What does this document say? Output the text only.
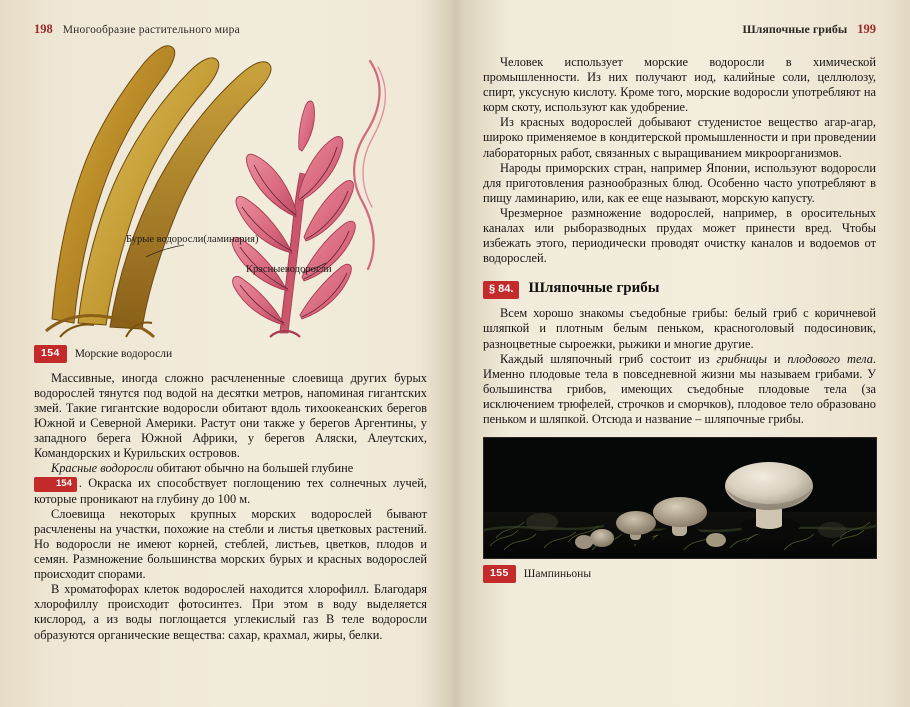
198 Многообразие растительного мира
Бурые водоросли(ламинария)
Красныеводоросли
154	Морские водоросли

Массивные, иногда сложно расчлененные слоевища других бурых водорослей тянутся под водой на десятки метров, напоминая гигантских змей. Такие гигантские водоросли обитают вдоль тихоокеанских берегов Южной и Северной Америки. Растут они также у берегов Аргентины, у западного берега Южной Африки, у берегов Аляски, Алеутских, Командорских и Курильских островов.

Красные водоросли обитают обычно на большей глубине
154 . Окраска их способствует поглощению тех солнечных лучей, которые проникают на глубину до 100 м.

Слоевища некоторых крупных морских водорослей бывают расчленены на участки, похожие на стебли и листья цветковых растений. Но водоросли не имеют корней, стеблей, листьев, цветков, плодов и семян. Размножение большинства морских бурых и красных водорослей происходит спорами.

В хроматофорах клеток водорослей находится хлорофилл. Благодаря хлорофиллу происходит фотосинтез. При этом в воду выделяется кислород, а из воды поглощается углекислый газ В теле водоросли образуются органические вещества: сахар, крахмал, жиры, белки.

Шляпочные грибы 199

Человек использует морские водоросли в химической промышленности. Из них получают иод, калийные соли, целлюлозу, спирт, уксусную кислоту. Кроме того, морские водоросли употребляют на корм скоту, используют как удобрение.

Из красных водорослей добывают студенистое вещество агар-агар, широко применяемое в кондитерской промышленности и при проведении лабораторных работ, связанных с выращиванием микроорганизмов.

Народы приморских стран, например Японии, используют водоросли для приготовления разнообразных блюд. Особенно часто употребляют в пищу ламинарию, или, как ее еще называют, морскую капусту.

Чрезмерное размножение водорослей, например, в оросительных каналах или рыборазводных прудах может принести вред. Чтобы избежать этого, периодически проводят очистку каналов и водоемов от водорослей.

§ 84.	Шляпочные грибы

Всем хорошо знакомы съедобные грибы: белый гриб с коричневой шляпкой и плотным белым пеньком, красноголовый подосиновик, разноцветные сыроежки, рыжики и многие другие.

Каждый шляпочный гриб состоит из грибницы и плодового тела. Именно плодовые тела в повседневной жизни мы называем грибами. У большинства грибов, имеющих съедобные плодовые тела (за исключением трюфелей, строчков и сморчков), плодовое тело образовано пеньком и шляпкой. Отсюда и название – шляпочные грибы.

155	Шампиньоны
